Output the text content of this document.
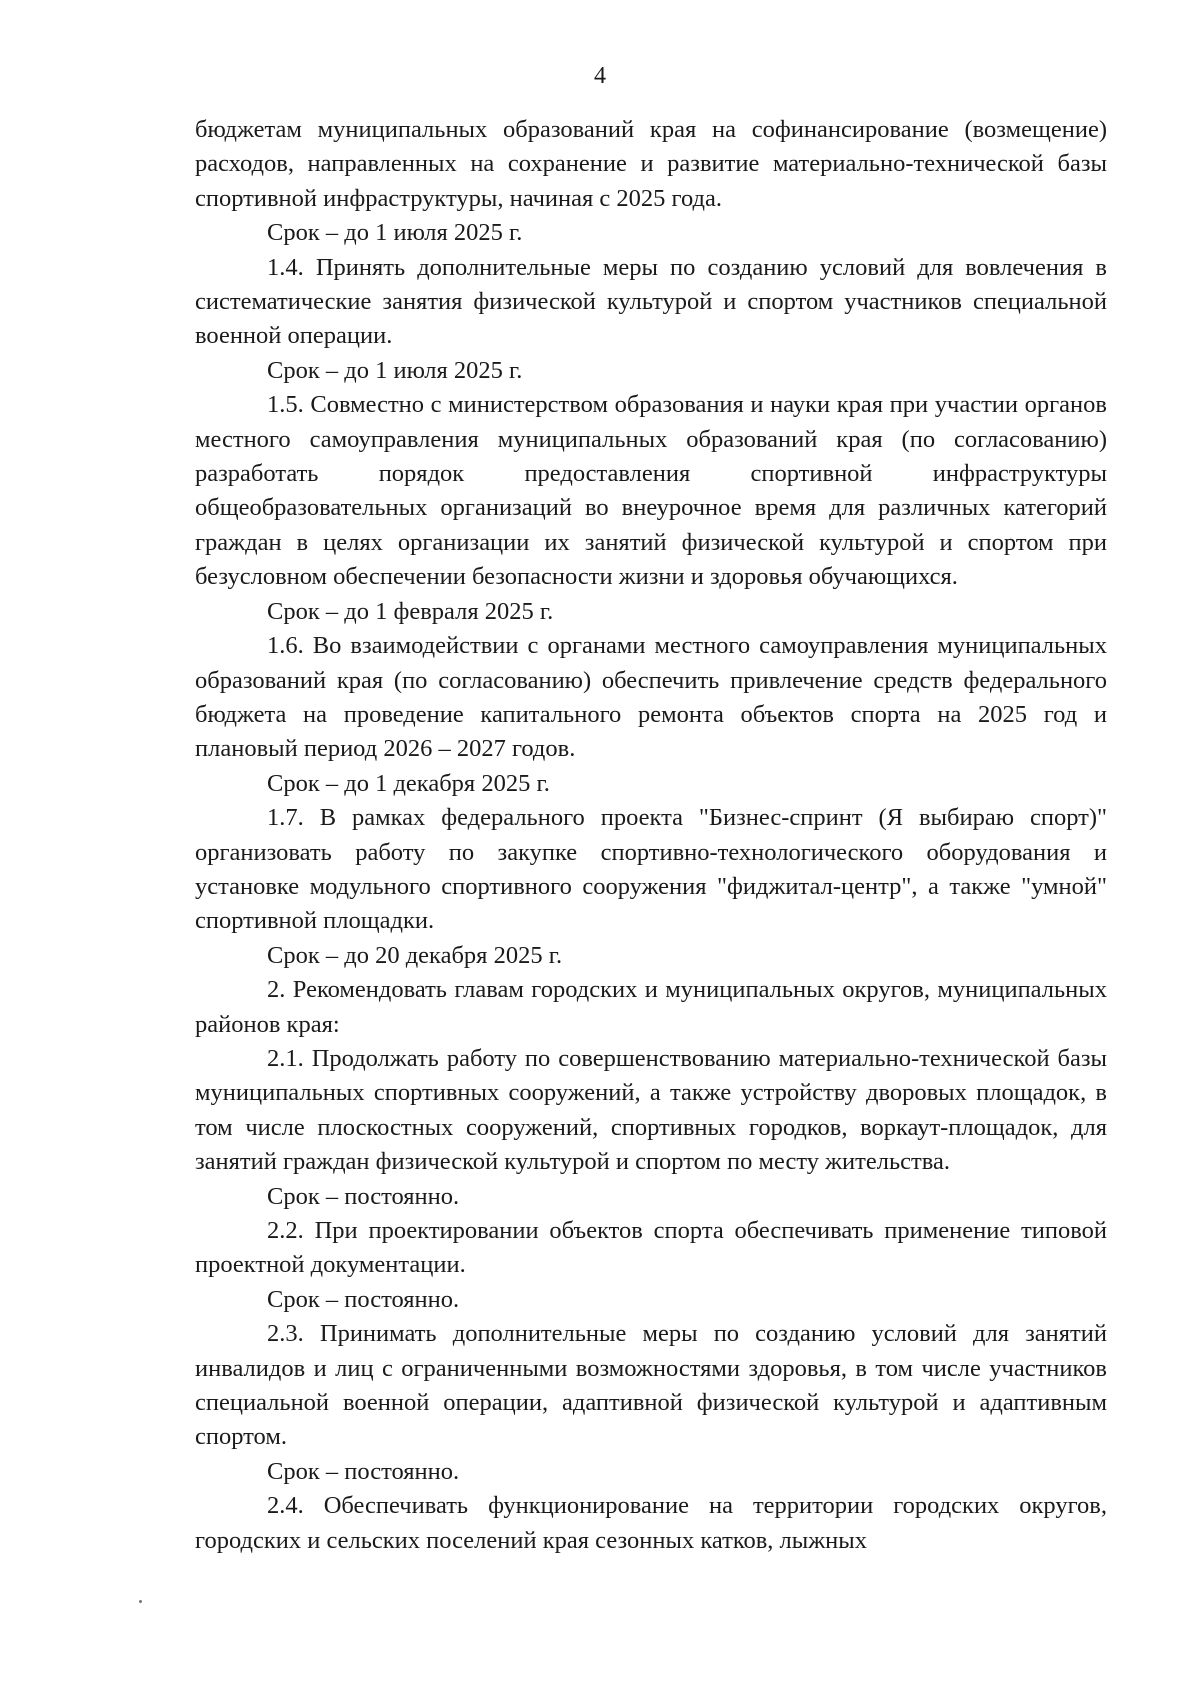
4

бюджетам муниципальных образований края на софинансирование (возмещение) расходов, направленных на сохранение и развитие материально-технической базы спортивной инфраструктуры, начиная с 2025 года.

Срок – до 1 июля 2025 г.

1.4. Принять дополнительные меры по созданию условий для вовлечения в систематические занятия физической культурой и спортом участников специальной военной операции.

Срок – до 1 июля 2025 г.

1.5. Совместно с министерством образования и науки края при участии органов местного самоуправления муниципальных образований края (по согласованию) разработать порядок предоставления спортивной инфраструктуры общеобразовательных организаций во внеурочное время для различных категорий граждан в целях организации их занятий физической культурой и спортом при безусловном обеспечении безопасности жизни и здоровья обучающихся.

Срок – до 1 февраля 2025 г.

1.6. Во взаимодействии с органами местного самоуправления муниципальных образований края (по согласованию) обеспечить привлечение средств федерального бюджета на проведение капитального ремонта объектов спорта на 2025 год и плановый период 2026 – 2027 годов.

Срок – до 1 декабря 2025 г.

1.7. В рамках федерального проекта "Бизнес-спринт (Я выбираю спорт)" организовать работу по закупке спортивно-технологического оборудования и установке модульного спортивного сооружения "фиджитал-центр", а также "умной" спортивной площадки.

Срок – до 20 декабря 2025 г.

2. Рекомендовать главам городских и муниципальных округов, муниципальных районов края:

2.1. Продолжать работу по совершенствованию материально-технической базы муниципальных спортивных сооружений, а также устройству дворовых площадок, в том числе плоскостных сооружений, спортивных городков, воркаут-площадок, для занятий граждан физической культурой и спортом по месту жительства.

Срок – постоянно.

2.2. При проектировании объектов спорта обеспечивать применение типовой проектной документации.

Срок – постоянно.

2.3. Принимать дополнительные меры по созданию условий для занятий инвалидов и лиц с ограниченными возможностями здоровья, в том числе участников специальной военной операции, адаптивной физической культурой и адаптивным спортом.

Срок – постоянно.

2.4. Обеспечивать функционирование на территории городских округов, городских и сельских поселений края сезонных катков, лыжных
